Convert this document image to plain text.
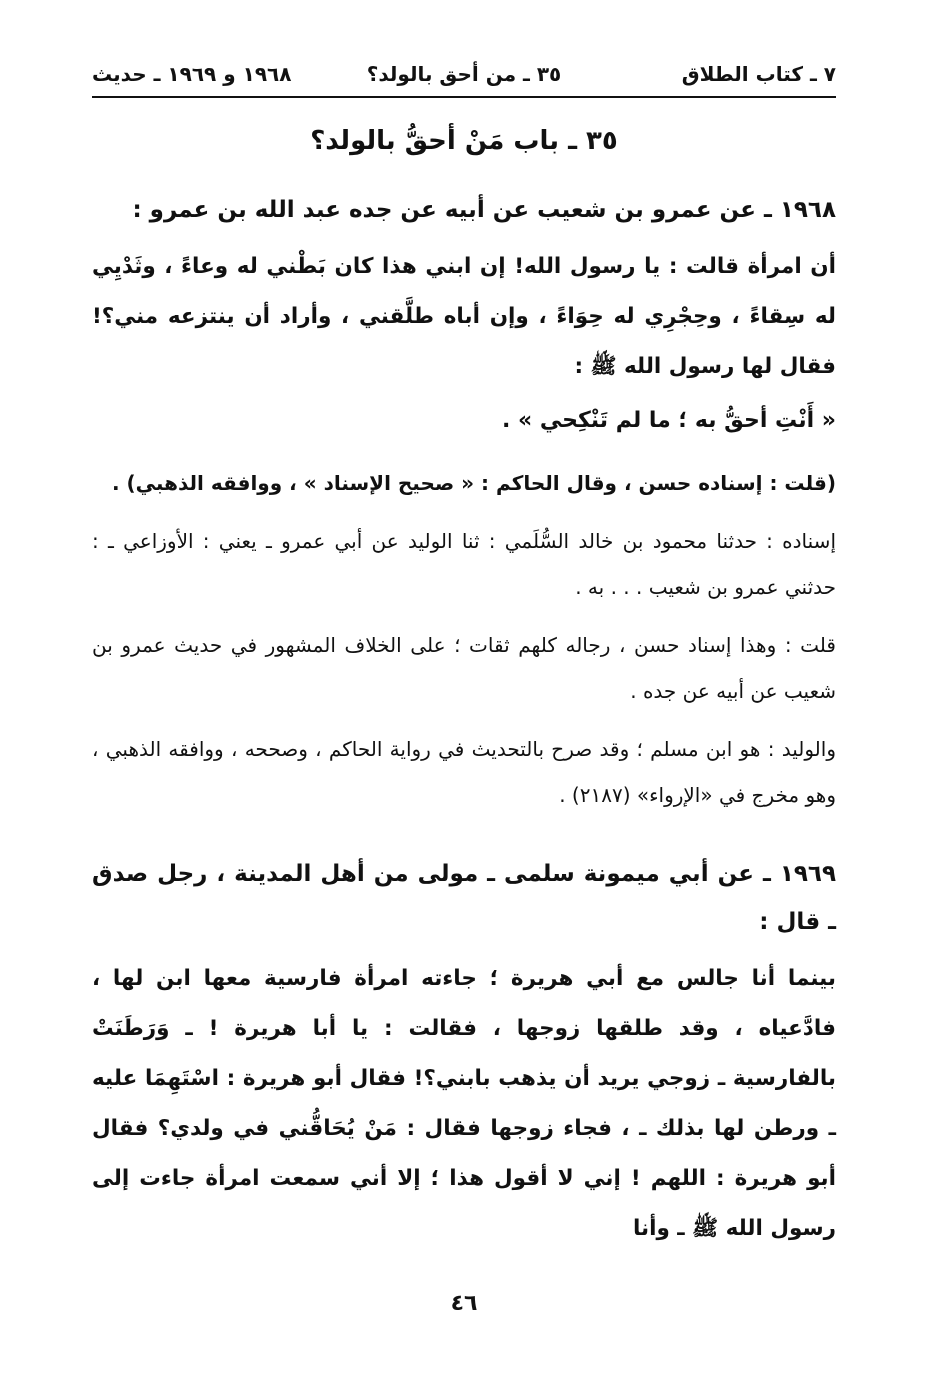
٧ ـ كتاب الطلاق
٣٥ ـ من أحق بالولد؟
١٩٦٨ و ١٩٦٩ ـ حديث
٣٥ ـ باب مَنْ أحقُّ بالولد؟

١٩٦٨ ـ عن عمرو بن شعيب عن أبيه عن جده عبد الله بن عمرو :

أن امرأة قالت : يا رسول الله! إن ابني هذا كان بَطْني له وعاءً ، وثَدْيِي له سِقاءً ، وحِجْرِي له حِوَاءً ، وإن أباه طلَّقني ، وأراد أن ينتزعه مني؟! فقال لها رسول الله ﷺ :

« أَنْتِ أحقُّ به ؛ ما لم تَنْكِحي » .

(قلت : إسناده حسن ، وقال الحاكم : « صحيح الإسناد » ، ووافقه الذهبي) .

إسناده : حدثنا محمود بن خالد السُّلَمي : ثنا الوليد عن أبي عمرو ـ يعني : الأوزاعي ـ : حدثني عمرو بن شعيب . . . به .

قلت : وهذا إسناد حسن ، رجاله كلهم ثقات ؛ على الخلاف المشهور في حديث عمرو بن شعيب عن أبيه عن جده .

والوليد : هو ابن مسلم ؛ وقد صرح بالتحديث في رواية الحاكم ، وصححه ، ووافقه الذهبي ، وهو مخرج في «الإرواء» (٢١٨٧) .

١٩٦٩ ـ عن أبي ميمونة سلمى ـ مولى من أهل المدينة ، رجل صدق ـ قال :

بينما أنا جالس مع أبي هريرة ؛ جاءته امرأة فارسية معها ابن لها ، فادَّعياه ، وقد طلقها زوجها ، فقالت : يا أبا هريرة ! ـ وَرَطَنَتْ بالفارسية ـ زوجي يريد أن يذهب بابني؟! فقال أبو هريرة : اسْتَهِمَا عليه ـ ورطن لها بذلك ـ ، فجاء زوجها فقال : مَنْ يُحَاقُّني في ولدي؟ فقال أبو هريرة : اللهم ! إني لا أقول هذا ؛ إلا أني سمعت امرأة جاءت إلى رسول الله ﷺ ـ وأنا

٤٦
